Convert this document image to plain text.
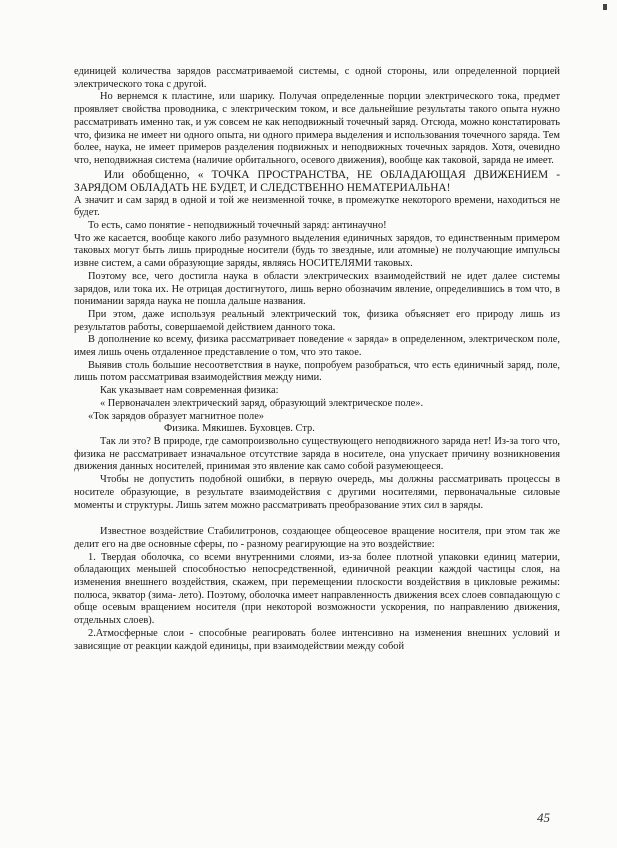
единицей количества зарядов рассматриваемой системы, с одной стороны, или определенной порцией электрического тока с другой.

Но вернемся к пластине, или шарику. Получая определенные порции электрического тока, предмет проявляет свойства проводника, с электрическим током, и все дальнейшие результаты такого опыта нужно рассматривать именно так, и уж совсем не как неподвижный точечный заряд. Отсюда, можно констатировать что, физика не имеет ни одного опыта, ни одного примера выделения и использования точечного заряда. Тем более, наука, не имеет примеров разделения подвижных и неподвижных точечных зарядов. Хотя, очевидно что, неподвижная система (наличие орбитального, осевого движения), вообще как таковой, заряда не имеет.

Или обобщенно, « ТОЧКА ПРОСТРАНСТВА, НЕ ОБЛАДАЮЩАЯ ДВИЖЕНИЕМ - ЗАРЯДОМ ОБЛАДАТЬ НЕ БУДЕТ, И СЛЕДСТВЕННО НЕМАТЕРИАЛЬНА!

А значит и сам заряд в одной и той же неизменной точке, в промежутке некоторого времени, находиться не будет.

То есть, само понятие - неподвижный точечный заряд: антинаучно!

Что же касается, вообще какого либо разумного выделения единичных зарядов, то единственным примером таковых могут быть лишь природные носители (будь то звездные, или атомные) не получающие импульсы извне систем, а сами образующие заряды, являясь НОСИТЕЛЯМИ таковых.

Поэтому все, чего достигла наука в области электрических взаимодействий не идет далее системы зарядов, или тока их. Не отрицая достигнутого, лишь верно обозначим явление, определившись в том что, в понимании заряда наука не пошла дальше названия.

При этом, даже используя реальный электрический ток, физика объясняет его природу лишь из результатов работы, совершаемой действием данного тока.

В дополнение ко всему, физика рассматривает поведение « заряда» в определенном, электрическом поле, имея лишь очень отдаленное представление о том, что это такое.

Выявив столь большие несоответствия в науке, попробуем разобраться, что есть единичный заряд, поле, лишь потом рассматривая взаимодействия между ними.

Как указывает нам современная физика:

« Первоначален электрический заряд, образующий электрическое поле».

«Ток зарядов образует магнитное поле»

Физика. Мякишев. Буховцев. Стр.

Так ли это? В природе, где самопроизвольно существующего неподвижного заряда нет! Из-за того что, физика не рассматривает изначальное отсутствие заряда в носителе, она упускает причину возникновения движения данных носителей, принимая это явление как само собой разумеющееся.

Чтобы не допустить подобной ошибки, в первую очередь, мы должны рассматривать процессы в носителе образующие, в результате взаимодействия с другими носителями, первоначальные силовые моменты и структуры. Лишь затем можно рассматривать преобразование этих сил в заряды.

Известное воздействие Стабилитронов, создающее общеосевое вращение носителя, при этом так же делит его на две основные сферы, по - разному реагирующие на это воздействие:

1. Твердая оболочка, со всеми внутренними слоями, из-за более плотной упаковки единиц материи, обладающих меньшей способностью непосредственной, единичной реакции каждой частицы слоя, на изменения внешнего воздействия, скажем, при перемещении плоскости воздействия в цикловые режимы: полюса, экватор (зима- лето). Поэтому, оболочка имеет направленность движения всех слоев совпадающую с обще осевым вращением носителя (при некоторой возможности ускорения, по направлению движения, отдельных слоев).

2.Атмосферные слои - способные реагировать более интенсивно на изменения внешних условий и зависящие от реакции каждой единицы, при взаимодействии между собой

45
